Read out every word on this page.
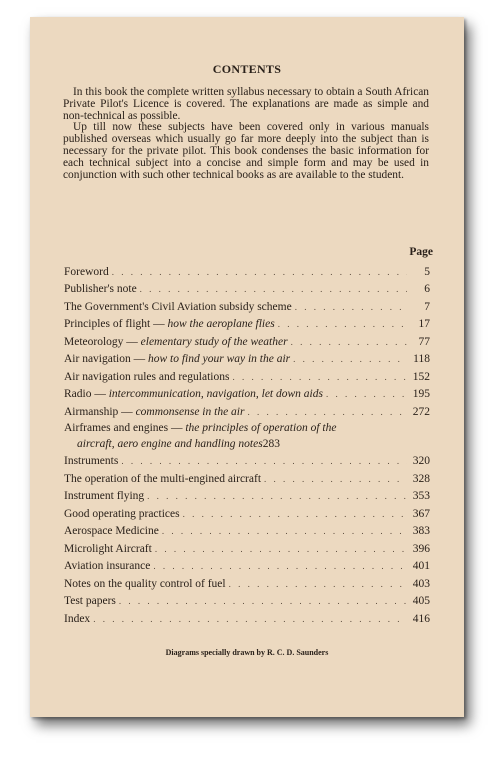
CONTENTS

In this book the complete written syllabus necessary to obtain a South African Private Pilot's Licence is covered. The explanations are made as simple and non-technical as possible.

Up till now these subjects have been covered only in various manuals published overseas which usually go far more deeply into the subject than is necessary for the private pilot. This book condenses the basic information for each technical subject into a concise and simple form and may be used in conjunction with such other technical books as are available to the student.

Page
Foreword . . .	5
Publisher's note . . .	6
The Government's Civil Aviation subsidy scheme . . .	7
Principles of flight — how the aeroplane flies . . .	17
Meteorology — elementary study of the weather . . .	77
Air navigation — how to find your way in the air . . .	118
Air navigation rules and regulations . . .	152
Radio — intercommunication, navigation, let down aids . . .	195
Airmanship — commonsense in the air . . .	272
Airframes and engines — the principles of operation of the
aircraft, aero engine and handling notes 283
Instruments . . .	320
The operation of the multi-engined aircraft . . .	328
Instrument flying . . .	353
Good operating practices . . .	367
Aerospace Medicine . . .	383
Microlight Aircraft . . .	396
Aviation insurance . . .	401
Notes on the quality control of fuel . . .	403
Test papers . . .	405
Index . . .	416
Diagrams specially drawn by R. C. D. Saunders
